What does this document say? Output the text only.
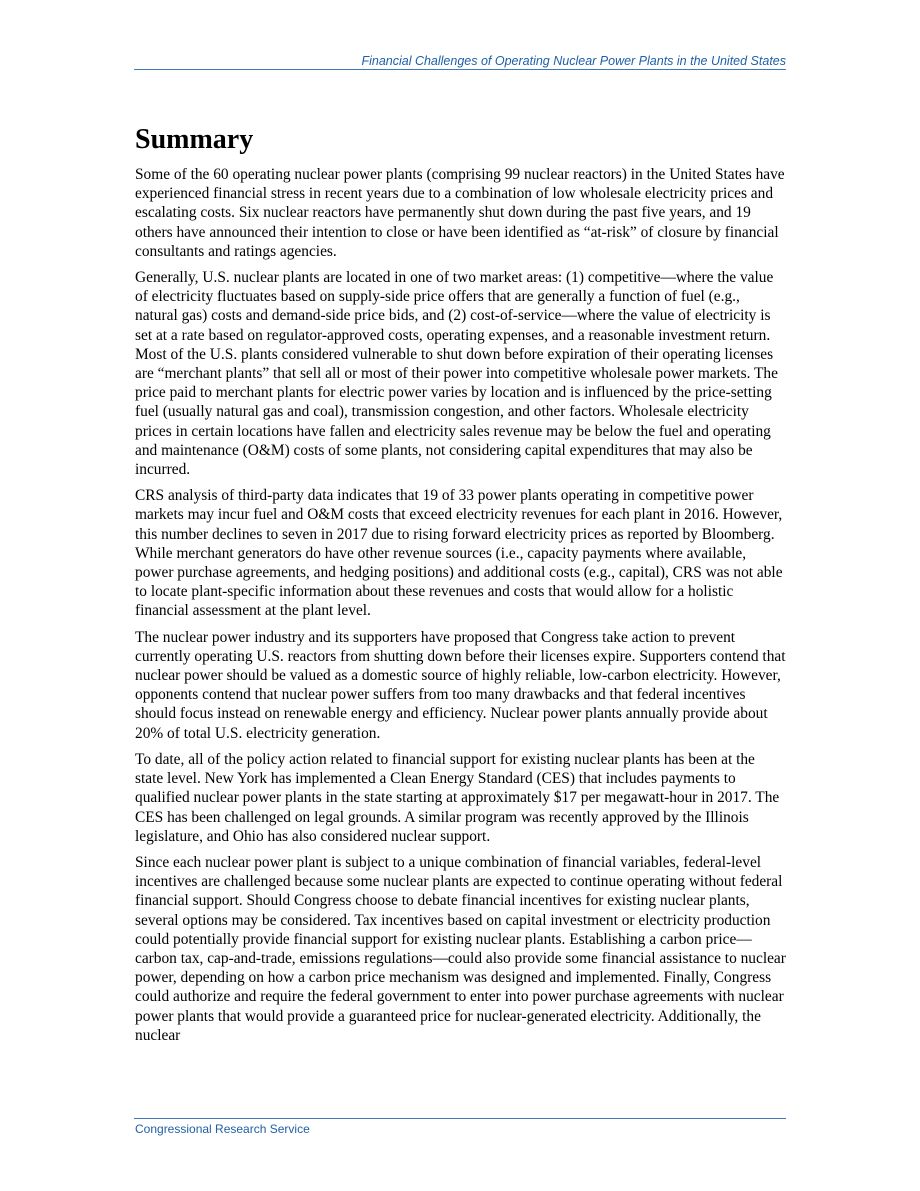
Financial Challenges of Operating Nuclear Power Plants in the United States
Summary

Some of the 60 operating nuclear power plants (comprising 99 nuclear reactors) in the United States have experienced financial stress in recent years due to a combination of low wholesale electricity prices and escalating costs. Six nuclear reactors have permanently shut down during the past five years, and 19 others have announced their intention to close or have been identified as “at-risk” of closure by financial consultants and ratings agencies.

Generally, U.S. nuclear plants are located in one of two market areas: (1) competitive—where the value of electricity fluctuates based on supply-side price offers that are generally a function of fuel (e.g., natural gas) costs and demand-side price bids, and (2) cost-of-service—where the value of electricity is set at a rate based on regulator-approved costs, operating expenses, and a reasonable investment return. Most of the U.S. plants considered vulnerable to shut down before expiration of their operating licenses are “merchant plants” that sell all or most of their power into competitive wholesale power markets. The price paid to merchant plants for electric power varies by location and is influenced by the price-setting fuel (usually natural gas and coal), transmission congestion, and other factors. Wholesale electricity prices in certain locations have fallen and electricity sales revenue may be below the fuel and operating and maintenance (O&M) costs of some plants, not considering capital expenditures that may also be incurred.

CRS analysis of third-party data indicates that 19 of 33 power plants operating in competitive power markets may incur fuel and O&M costs that exceed electricity revenues for each plant in 2016. However, this number declines to seven in 2017 due to rising forward electricity prices as reported by Bloomberg. While merchant generators do have other revenue sources (i.e., capacity payments where available, power purchase agreements, and hedging positions) and additional costs (e.g., capital), CRS was not able to locate plant-specific information about these revenues and costs that would allow for a holistic financial assessment at the plant level.

The nuclear power industry and its supporters have proposed that Congress take action to prevent currently operating U.S. reactors from shutting down before their licenses expire. Supporters contend that nuclear power should be valued as a domestic source of highly reliable, low-carbon electricity. However, opponents contend that nuclear power suffers from too many drawbacks and that federal incentives should focus instead on renewable energy and efficiency. Nuclear power plants annually provide about 20% of total U.S. electricity generation.

To date, all of the policy action related to financial support for existing nuclear plants has been at the state level. New York has implemented a Clean Energy Standard (CES) that includes payments to qualified nuclear power plants in the state starting at approximately $17 per megawatt-hour in 2017. The CES has been challenged on legal grounds. A similar program was recently approved by the Illinois legislature, and Ohio has also considered nuclear support.

Since each nuclear power plant is subject to a unique combination of financial variables, federal-level incentives are challenged because some nuclear plants are expected to continue operating without federal financial support. Should Congress choose to debate financial incentives for existing nuclear plants, several options may be considered. Tax incentives based on capital investment or electricity production could potentially provide financial support for existing nuclear plants. Establishing a carbon price—carbon tax, cap-and-trade, emissions regulations—could also provide some financial assistance to nuclear power, depending on how a carbon price mechanism was designed and implemented. Finally, Congress could authorize and require the federal government to enter into power purchase agreements with nuclear power plants that would provide a guaranteed price for nuclear-generated electricity. Additionally, the nuclear

Congressional Research Service
